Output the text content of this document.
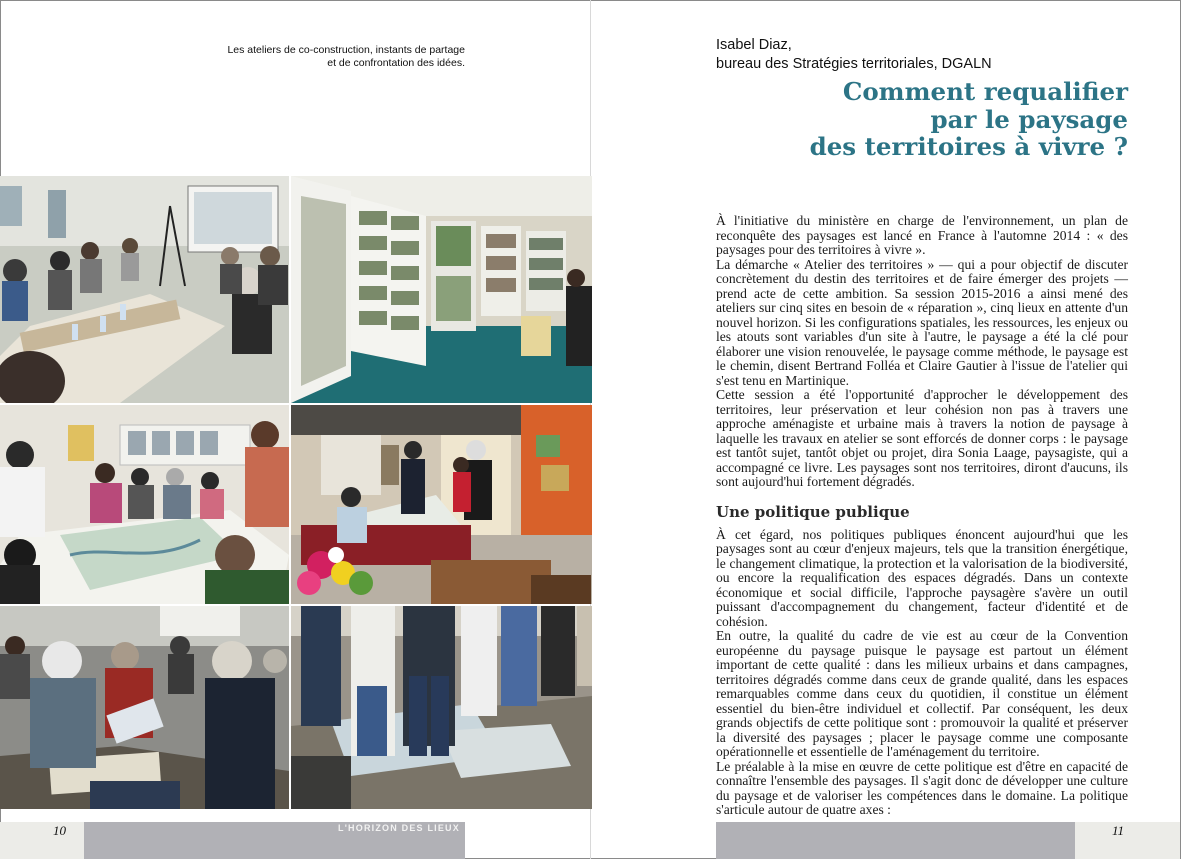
Les ateliers de co-construction, instants de partage
et de confrontation des idées.
10	L'HORIZON DES LIEUX
Isabel Diaz,
bureau des Stratégies territoriales, DGALN
Comment requalifier
par le paysage
des territoires à vivre ?

À l'initiative du ministère en charge de l'environnement, un plan de reconquête des paysages est lancé en France à l'automne 2014 : « des paysages pour des territoires à vivre ».

La démarche « Atelier des territoires » — qui a pour objectif de discuter concrètement du destin des territoires et de faire émerger des projets — prend acte de cette ambition. Sa session 2015-2016 a ainsi mené des ateliers sur cinq sites en besoin de « réparation », cinq lieux en attente d'un nouvel horizon. Si les configurations spatiales, les ressources, les enjeux ou les atouts sont variables d'un site à l'autre, le paysage a été la clé pour élaborer une vision renouvelée, le paysage comme méthode, le paysage est le chemin, disent Bertrand Folléa et Claire Gautier à l'issue de l'atelier qui s'est tenu en Martinique.

Cette session a été l'opportunité d'approcher le développement des territoires, leur préservation et leur cohésion non pas à travers une approche aménagiste et urbaine mais à travers la notion de paysage à laquelle les travaux en atelier se sont efforcés de donner corps : le paysage est tantôt sujet, tantôt objet ou projet, dira Sonia Laage, paysagiste, qui a accompagné ce livre. Les paysages sont nos territoires, diront d'aucuns, ils sont aujourd'hui fortement dégradés.

Une politique publique

À cet égard, nos politiques publiques énoncent aujourd'hui que les paysages sont au cœur d'enjeux majeurs, tels que la transition énergétique, le changement climatique, la protection et la valorisation de la biodiversité, ou encore la requalification des espaces dégradés. Dans un contexte économique et social difficile, l'approche paysagère s'avère un outil puissant d'accompagnement du changement, facteur d'identité et de cohésion.

En outre, la qualité du cadre de vie est au cœur de la Convention européenne du paysage puisque le paysage est partout un élément important de cette qualité : dans les milieux urbains et dans campagnes, territoires dégradés comme dans ceux de grande qualité, dans les espaces remarquables comme dans ceux du quotidien, il constitue un élément essentiel du bien-être individuel et collectif. Par conséquent, les deux grands objectifs de cette politique sont : promouvoir la qualité et préserver la diversité des paysages ; placer le paysage comme une composante opérationnelle et essentielle de l'aménagement du territoire.

Le préalable à la mise en œuvre de cette politique est d'être en capacité de connaître l'ensemble des paysages. Il s'agit donc de développer une culture du paysage et de valoriser les compétences dans le domaine. La politique s'articule autour de quatre axes :

11
